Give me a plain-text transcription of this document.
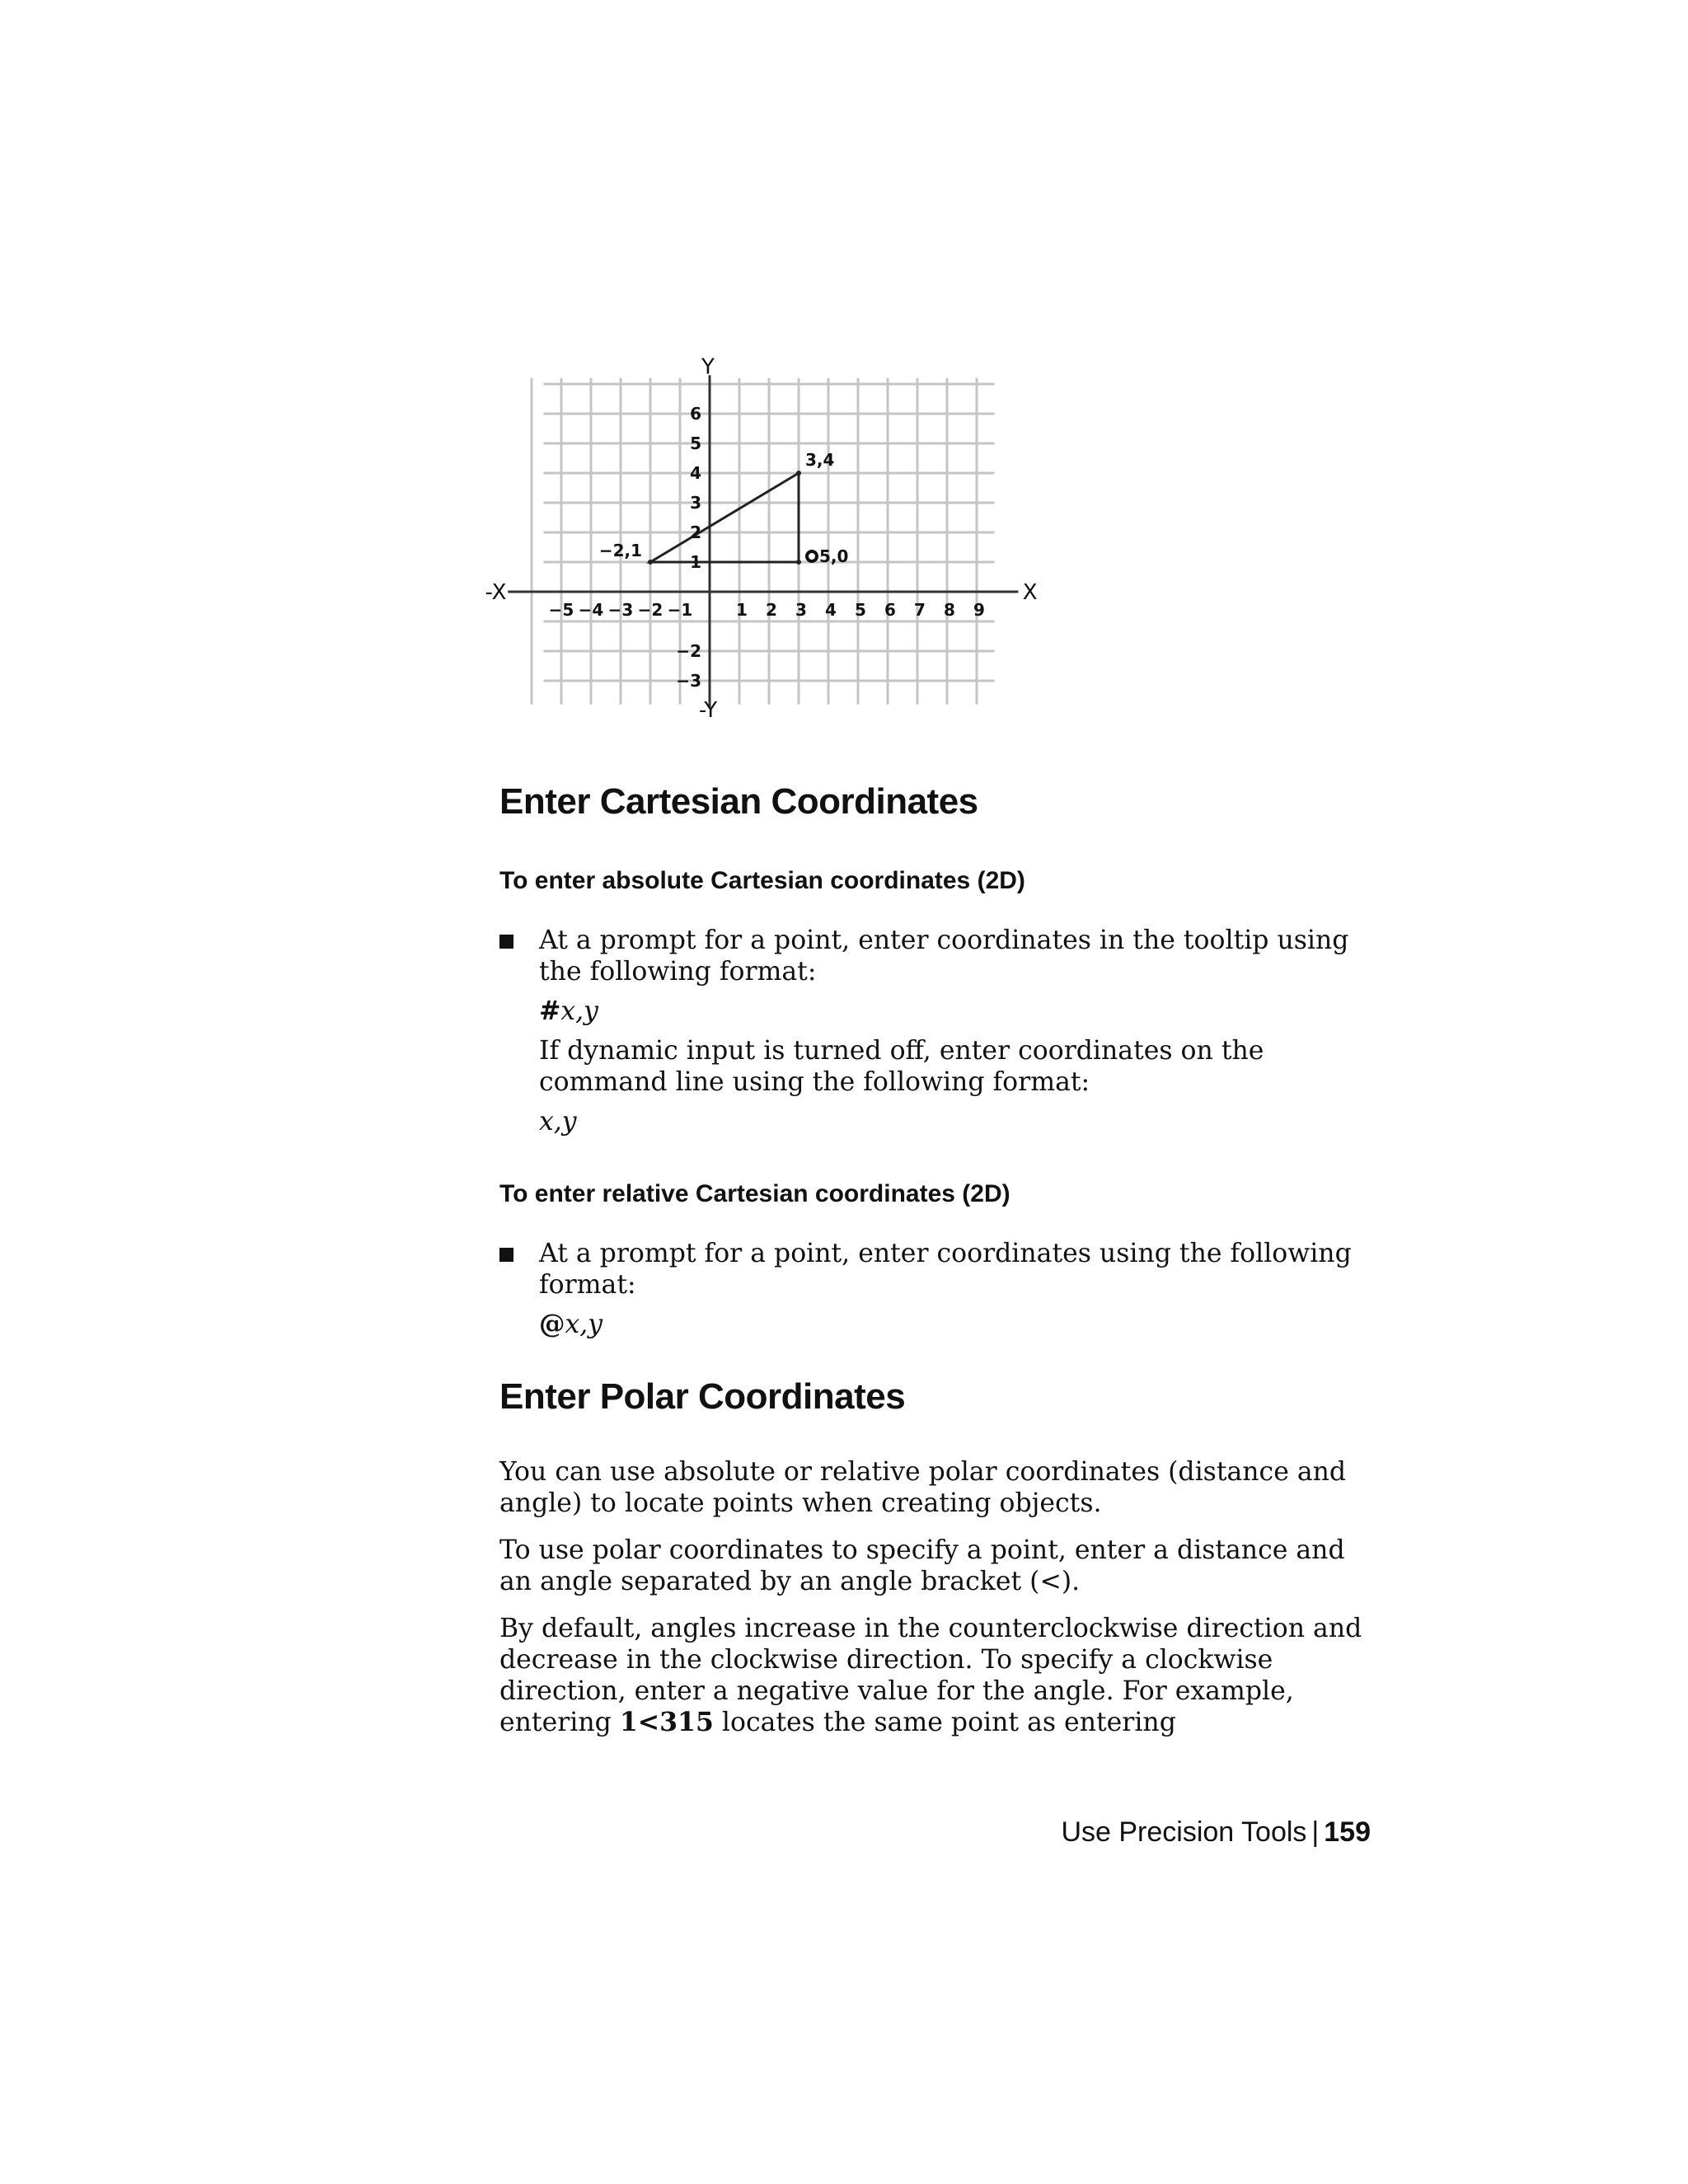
Y
-Y
X
-X
−5 −4 −3 −2 −1	1 2 3 4 5 6 7 8 9
6
5
4
3
2
1
−2
−3
−2,1
3,4
5,0
Enter Cartesian Coordinates
To enter absolute Cartesian coordinates (2D)

At a prompt for a point, enter coordinates in the tooltip using the following format:

#x,y

If dynamic input is turned off, enter coordinates on the command line using the following format:

x,y

To enter relative Cartesian coordinates (2D)

At a prompt for a point, enter coordinates using the following format:

@x,y

Enter Polar Coordinates

You can use absolute or relative polar coordinates (distance and angle) to locate points when creating objects.

To use polar coordinates to specify a point, enter a distance and an angle separated by an angle bracket (<).

By default, angles increase in the counterclockwise direction and decrease in the clockwise direction. To specify a clockwise direction, enter a negative value for the angle. For example, entering 1<315 locates the same point as entering

Use Precision Tools | 159
